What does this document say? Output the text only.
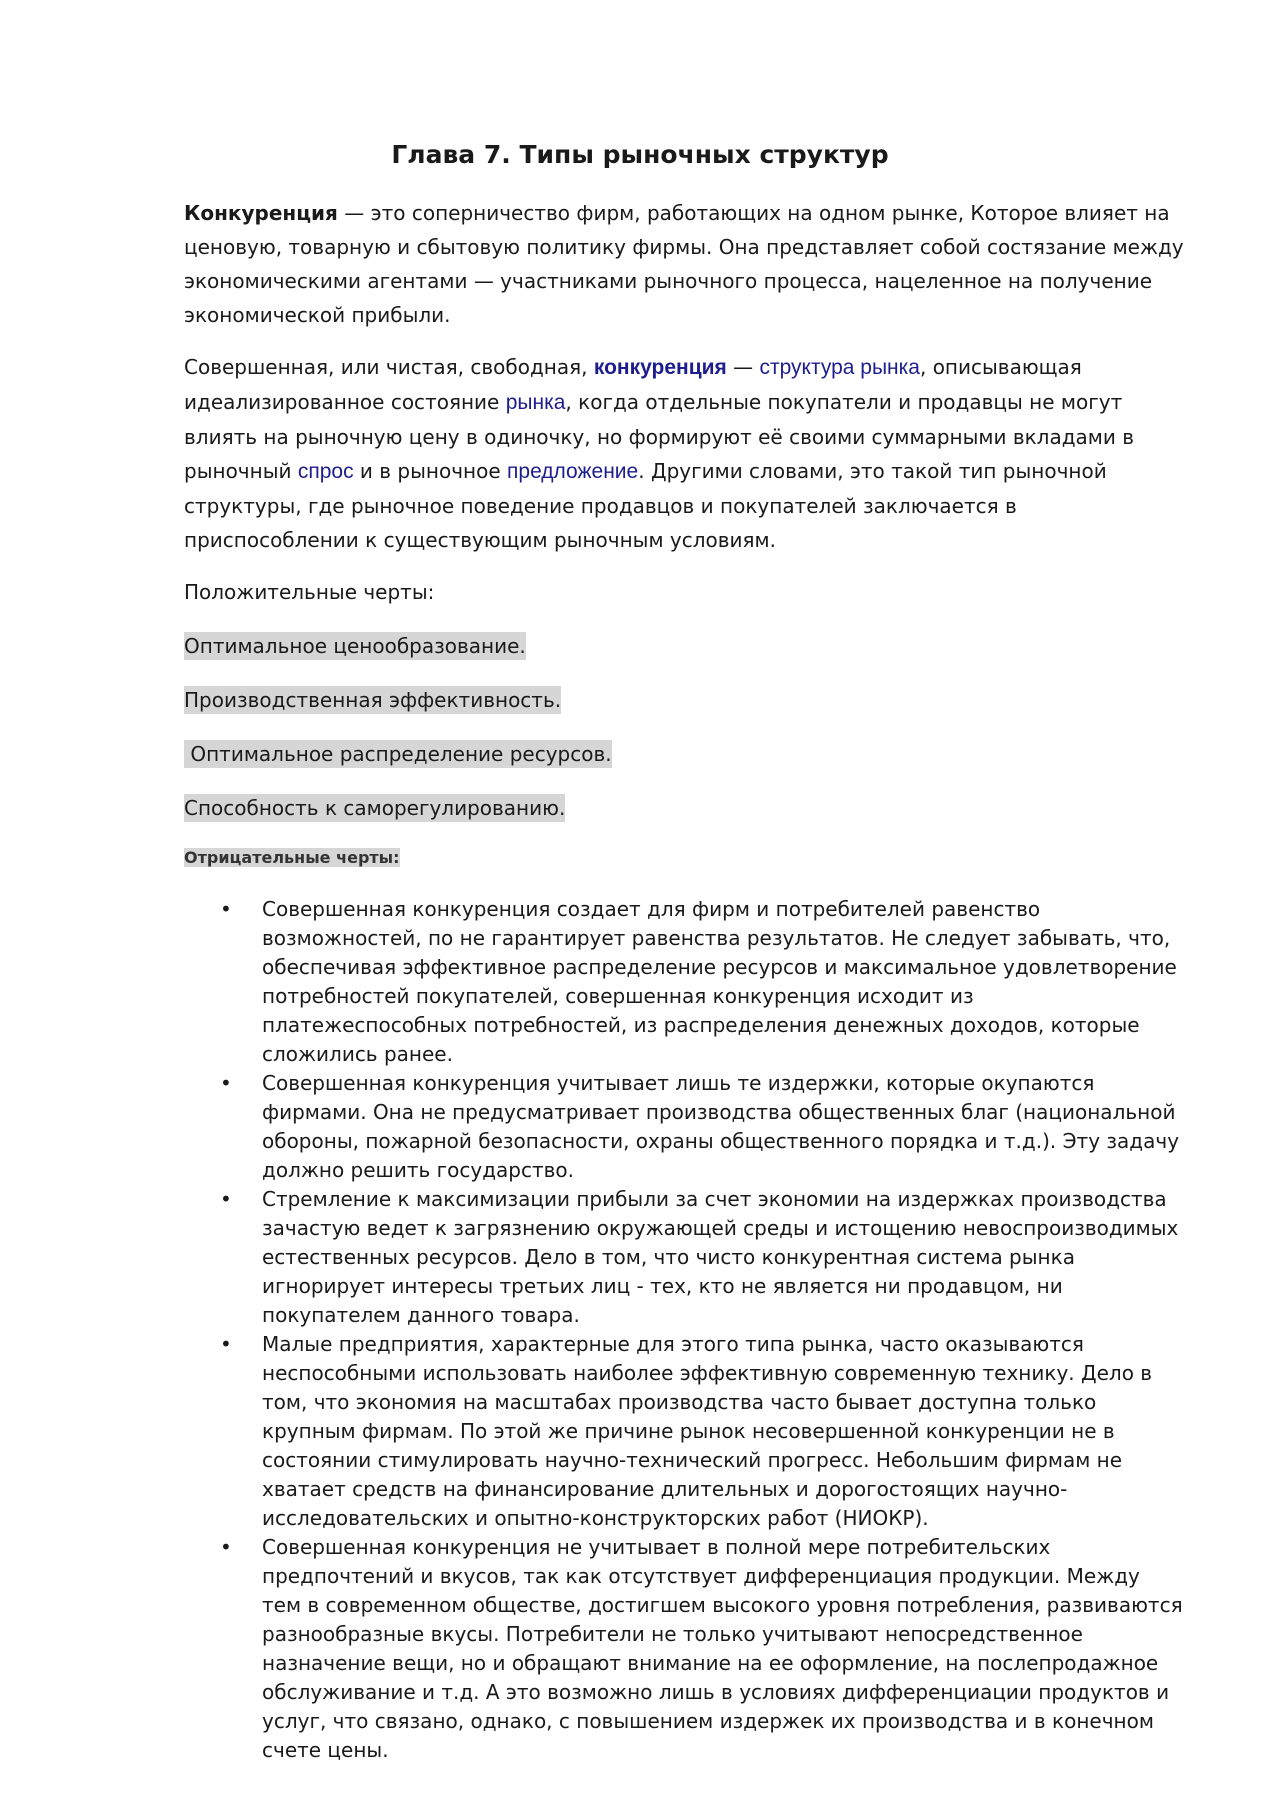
Глава 7. Типы рыночных структур

Конкуренция — это соперничество фирм, работающих на одном рынке, Которое влияет на ценовую, товарную и сбытовую политику фирмы. Она представляет собой состязание между экономическими агентами — участниками рыночного процесса, нацеленное на получение экономической прибыли.

Совершенная, или чистая, свободная, конкуренция — структура рынка, описывающая идеализированное состояние рынка, когда отдельные покупатели и продавцы не могут влиять на рыночную цену в одиночку, но формируют её своими суммарными вкладами в рыночный спрос и в рыночное предложение. Другими словами, это такой тип рыночной структуры, где рыночное поведение продавцов и покупателей заключается в приспособлении к существующим рыночным условиям.

Положительные черты:

Оптимальное ценообразование.

Производственная эффективность.

Оптимальное распределение ресурсов.

Способность к саморегулированию.

Отрицательные черты:

• Совершенная конкуренция создает для фирм и потребителей равенство возможностей, по не гарантирует равенства результатов. Не следует забывать, что, обеспечивая эффективное распределение ресурсов и максимальное удовлетворение потребностей покупателей, совершенная конкуренция исходит из платежеспособных потребностей, из распределения денежных доходов, которые сложились ранее.
• Совершенная конкуренция учитывает лишь те издержки, которые окупаются фирмами. Она не предусматривает производства общественных благ (национальной обороны, пожарной безопасности, охраны общественного порядка и т.д.). Эту задачу должно решить государство.
• Стремление к максимизации прибыли за счет экономии на издержках производства зачастую ведет к загрязнению окружающей среды и истощению невоспроизводимых естественных ресурсов. Дело в том, что чисто конкурентная система рынка игнорирует интересы третьих лиц - тех, кто не является ни продавцом, ни покупателем данного товара.
• Малые предприятия, характерные для этого типа рынка, часто оказываются неспособными использовать наиболее эффективную современную технику. Дело в том, что экономия на масштабах производства часто бывает доступна только крупным фирмам. По этой же причине рынок несовершенной конкуренции не в состоянии стимулировать научно-технический прогресс. Небольшим фирмам не хватает средств на финансирование длительных и дорогостоящих научно-исследовательских и опытно-конструкторских работ (НИОКР).
• Совершенная конкуренция не учитывает в полной мере потребительских предпочтений и вкусов, так как отсутствует дифференциация продукции. Между тем в современном обществе, достигшем высокого уровня потребления, развиваются разнообразные вкусы. Потребители не только учитывают непосредственное назначение вещи, но и обращают внимание на ее оформление, на послепродажное обслуживание и т.д. А это возможно лишь в условиях дифференциации продуктов и услуг, что связано, однако, с повышением издержек их производства и в конечном счете цены.
